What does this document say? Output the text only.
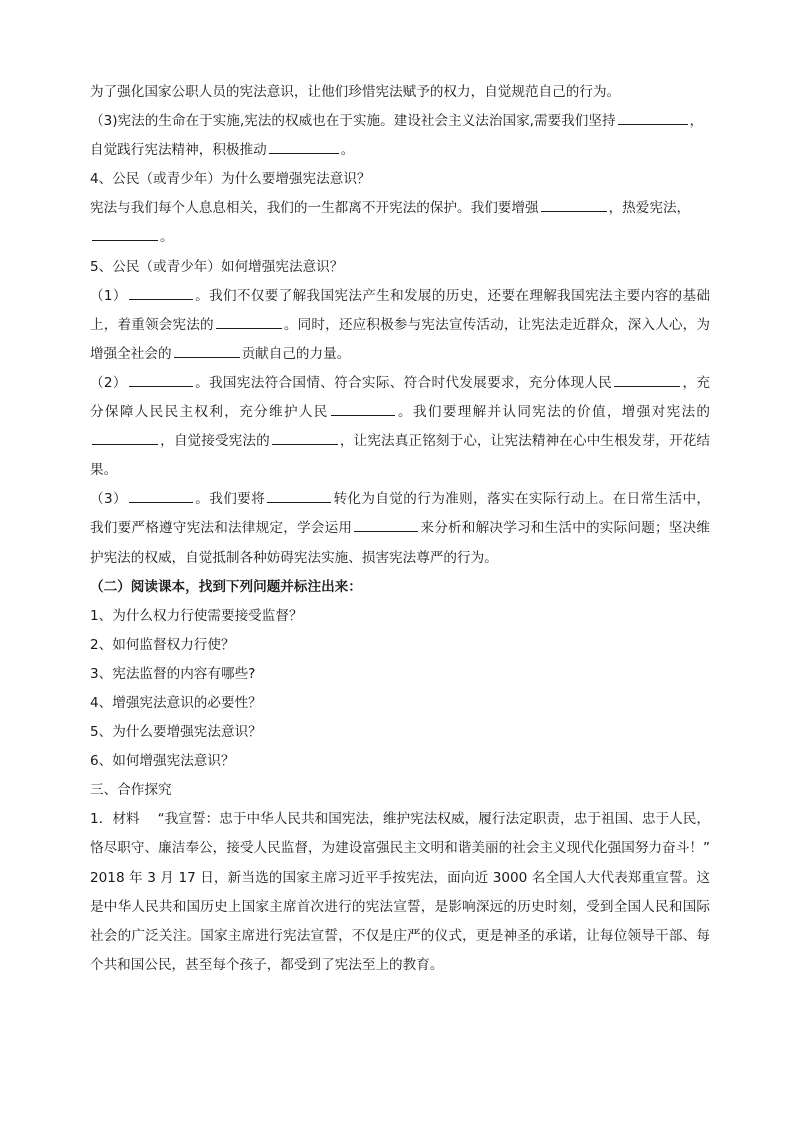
为了强化国家公职人员的宪法意识，让他们珍惜宪法赋予的权力，自觉规范自己的行为。

（3)宪法的生命在于实施,宪法的权威也在于实施。建设社会主义法治国家,需要我们坚持	，
自觉践行宪法精神，积极推动	。

4、公民（或青少年）为什么要增强宪法意识？

宪法与我们每个人息息相关，我们的一生都离不开宪法的保护。我们要增强	，热爱宪法，
。

5、公民（或青少年）如何增强宪法意识？

（1）	。我们不仅要了解我国宪法产生和发展的历史，还要在理解我国宪法主要内容的基础上，着重领会宪法的	。同时，还应积极参与宪法宣传活动，让宪法走近群众，深入人心，为增强全社会的	贡献自己的力量。

（2）	。我国宪法符合国情、符合实际、符合时代发展要求，充分体现人民	，充分保障人民民主权利，充分维护人民	。我们要理解并认同宪法的价值，增强对宪法的，自觉接受宪法的	，让宪法真正铭刻于心，让宪法精神在心中生根发芽，开花结果。

（3）	。我们要将	转化为自觉的行为准则，落实在实际行动上。在日常生活中，我们要严格遵守宪法和法律规定，学会运用	来分析和解决学习和生活中的实际问题；坚决维护宪法的权威，自觉抵制各种妨碍宪法实施、损害宪法尊严的行为。

（二）阅读课本，找到下列问题并标注出来：

1、为什么权力行使需要接受监督？

2、如何监督权力行使？

3、宪法监督的内容有哪些?

4、增强宪法意识的必要性？

5、为什么要增强宪法意识？

6、如何增强宪法意识？

三、合作探究

1．材料　 “我宣誓：忠于中华人民共和国宪法，维护宪法权威，履行法定职责，忠于祖国、忠于人民，恪尽职守、廉洁奉公，接受人民监督，为建设富强民主文明和谐美丽的社会主义现代化强国努力奋斗！” 2018 年 3 月 17 日，新当选的国家主席习近平手按宪法，面向近 3000 名全国人大代表郑重宣誓。这是中华人民共和国历史上国家主席首次进行的宪法宣誓，是影响深远的历史时刻，受到全国人民和国际社会的广泛关注。国家主席进行宪法宣誓，不仅是庄严的仪式，更是神圣的承诺，让每位领导干部、每个共和国公民，甚至每个孩子，都受到了宪法至上的教育。
